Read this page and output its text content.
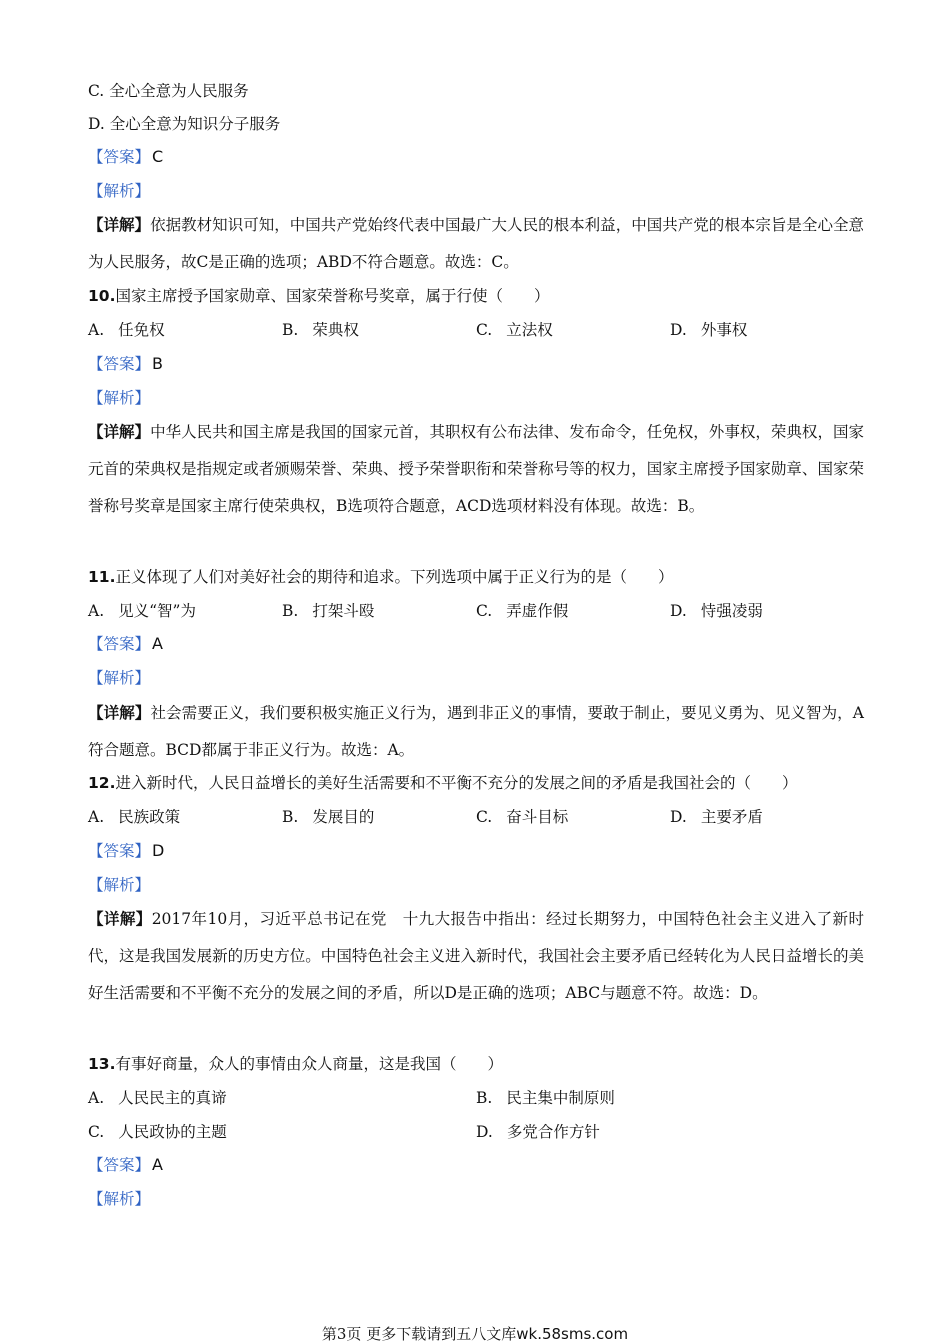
C. 全心全意为人民服务
D. 全心全意为知识分子服务
【答案】 C
【解析】
【详解】依据教材知识可知，中国共产党始终代表中国最广大人民的根本利益，中国共产党的根本宗旨是全心全意为人民服务，故C是正确的选项；ABD不符合题意。故选：C。
10.国家主席授予国家勋章、国家荣誉称号奖章，属于行使（　　）
A. 任免权	B. 荣典权	C. 立法权	D. 外事权
【答案】 B
【解析】
【详解】中华人民共和国主席是我国的国家元首，其职权有公布法律、发布命令，任免权，外事权，荣典权，国家元首的荣典权是指规定或者颁赐荣誉、荣典、授予荣誉职衔和荣誉称号等的权力，国家主席授予国家勋章、国家荣誉称号奖章是国家主席行使荣典权，B选项符合题意，ACD选项材料没有体现。故选：B。
11.正义体现了人们对美好社会的期待和追求。下列选项中属于正义行为的是（　　）
A. 见义“智”为	B. 打架斗殴	C. 弄虚作假	D. 恃强凌弱
【答案】 A
【解析】
【详解】社会需要正义，我们要积极实施正义行为，遇到非正义的事情，要敢于制止，要见义勇为、见义智为，A符合题意。BCD都属于非正义行为。故选：A。
12.进入新时代，人民日益增长的美好生活需要和不平衡不充分的发展之间的矛盾是我国社会的（　　）
A. 民族政策	B. 发展目的	C. 奋斗目标	D. 主要矛盾
【答案】 D
【解析】
【详解】2017年10月，习近平总书记在党　十九大报告中指出：经过长期努力，中国特色社会主义进入了新时代，这是我国发展新的历史方位。中国特色社会主义进入新时代，我国社会主要矛盾已经转化为人民日益增长的美好生活需要和不平衡不充分的发展之间的矛盾，所以D是正确的选项；ABC与题意不符。故选：D。
13.有事好商量，众人的事情由众人商量，这是我国（　　）
A. 人民民主的真谛	B. 民主集中制原则
C. 人民政协的主题	D. 多党合作方针
【答案】 A
【解析】
第3页 更多下载请到五八文库wk.58sms.com
